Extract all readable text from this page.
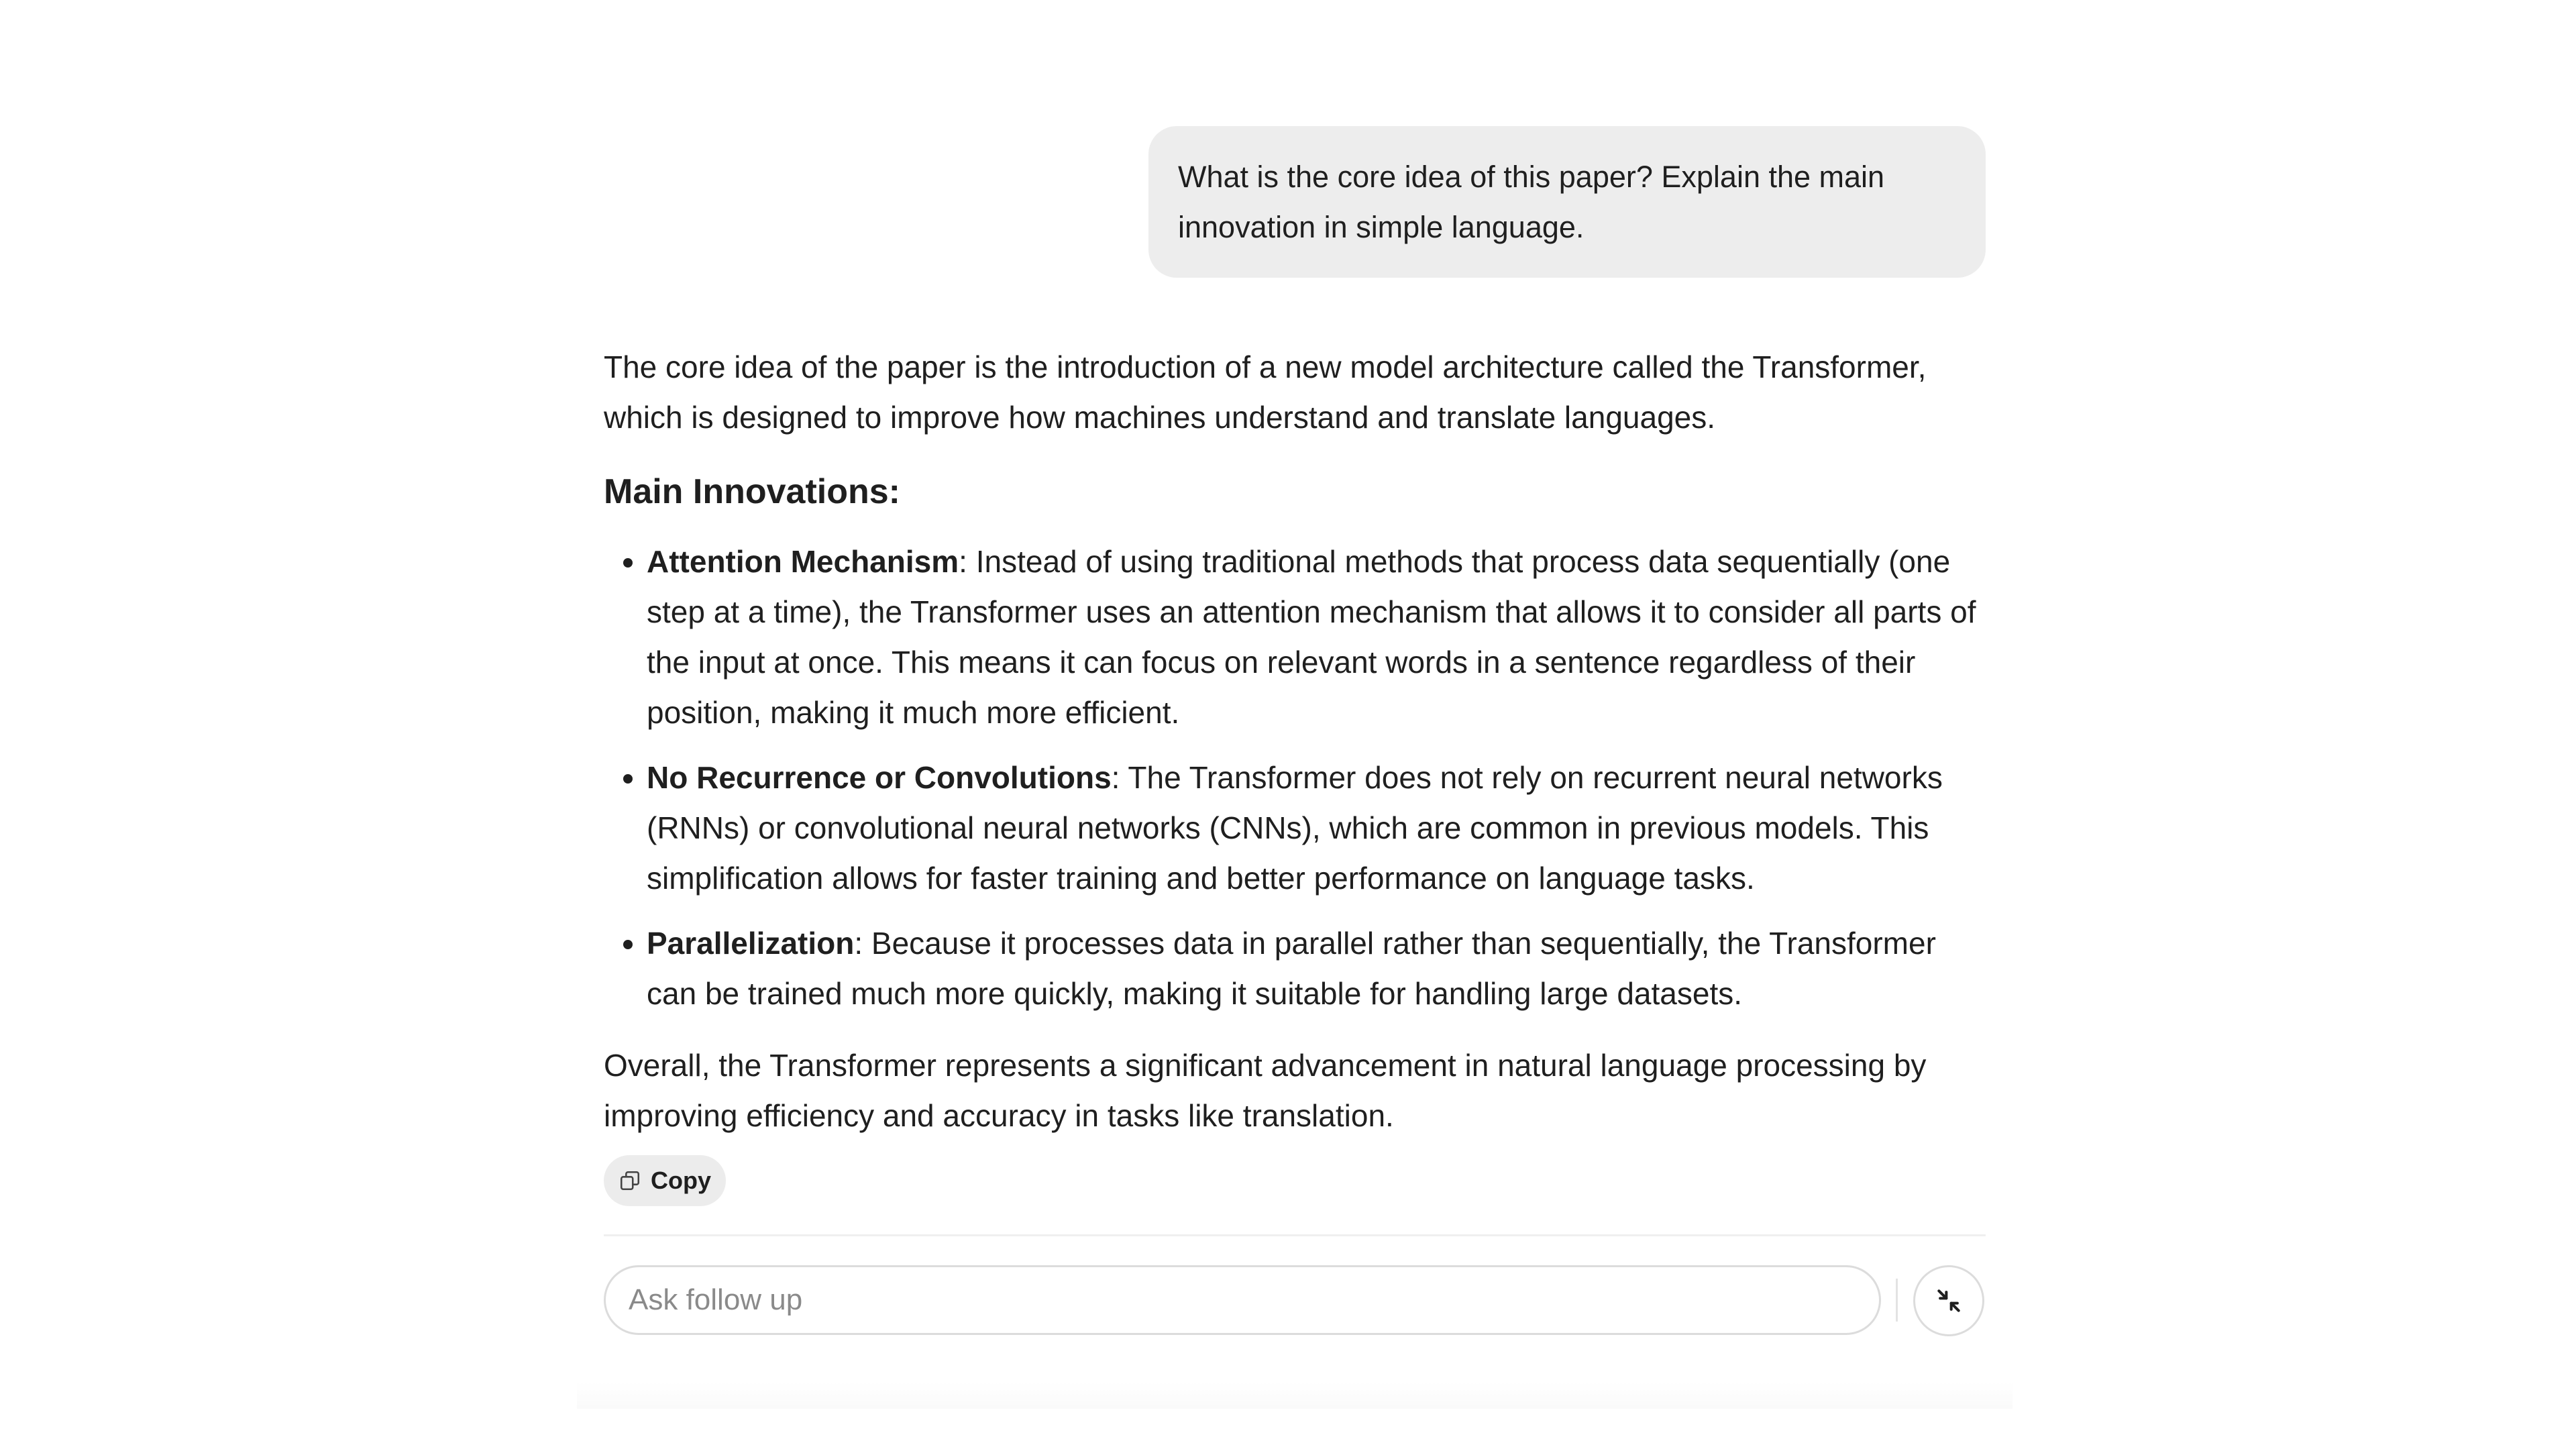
What is the core idea of this paper? Explain the main innovation in simple language.

The core idea of the paper is the introduction of a new model architecture called the Transformer, which is designed to improve how machines understand and translate languages.

Main Innovations:
• Attention Mechanism: Instead of using traditional methods that process data sequentially (one step at a time), the Transformer uses an attention mechanism that allows it to consider all parts of the input at once. This means it can focus on relevant words in a sentence regardless of their position, making it much more efficient.
• No Recurrence or Convolutions: The Transformer does not rely on recurrent neural networks (RNNs) or convolutional neural networks (CNNs), which are common in previous models. This simplification allows for faster training and better performance on language tasks.
• Parallelization: Because it processes data in parallel rather than sequentially, the Transformer can be trained much more quickly, making it suitable for handling large datasets.

Overall, the Transformer represents a significant advancement in natural language processing by improving efficiency and accuracy in tasks like translation.

Copy
Ask follow up
